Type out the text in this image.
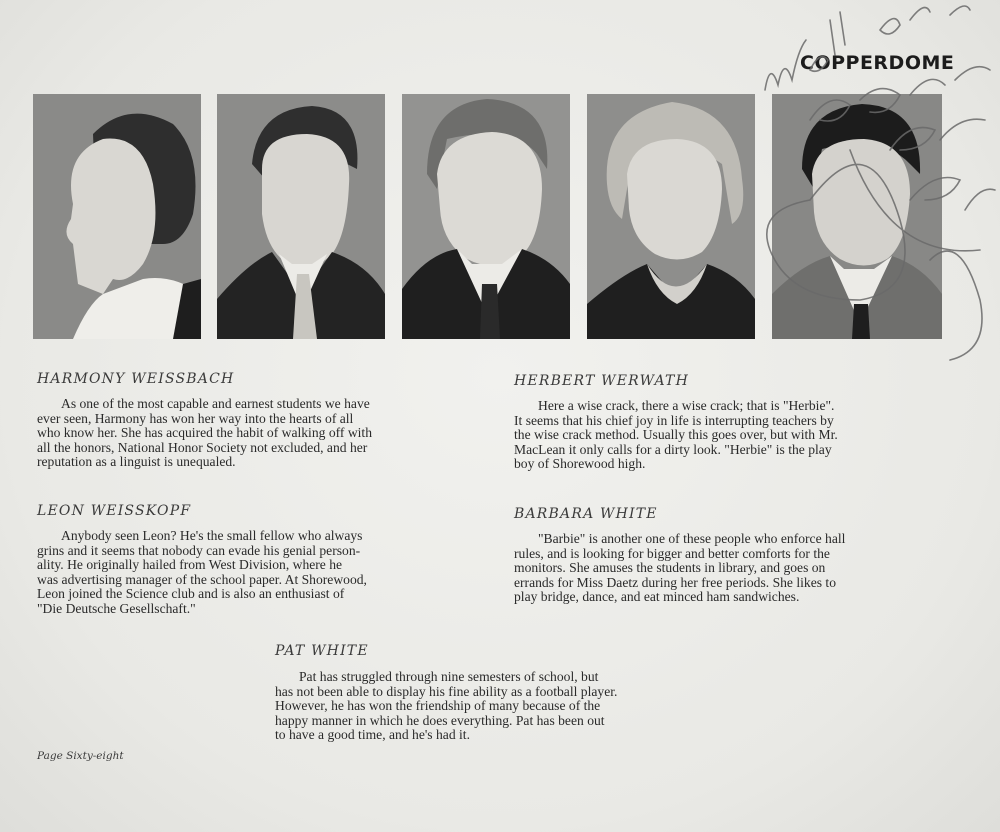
COPPERDOME
HARMONY WEISSBACH
As one of the most capable and earnest students we have
ever seen, Harmony has won her way into the hearts of all
who know her. She has acquired the habit of walking off with
all the honors, National Honor Society not excluded, and her
reputation as a linguist is unequaled.
HERBERT WERWATH
Here a wise crack, there a wise crack; that is "Herbie".
It seems that his chief joy in life is interrupting teachers by
the wise crack method. Usually this goes over, but with Mr.
MacLean it only calls for a dirty look. "Herbie" is the play
boy of Shorewood high.
LEON WEISSKOPF
Anybody seen Leon? He's the small fellow who always
grins and it seems that nobody can evade his genial person-
ality. He originally hailed from West Division, where he
was advertising manager of the school paper. At Shorewood,
Leon joined the Science club and is also an enthusiast of
"Die Deutsche Gesellschaft."
BARBARA WHITE
"Barbie" is another one of these people who enforce hall
rules, and is looking for bigger and better comforts for the
monitors. She amuses the students in library, and goes on
errands for Miss Daetz during her free periods. She likes to
play bridge, dance, and eat minced ham sandwiches.
PAT WHITE
Pat has struggled through nine semesters of school, but
has not been able to display his fine ability as a football player.
However, he has won the friendship of many because of the
happy manner in which he does everything. Pat has been out
to have a good time, and he's had it.
Page Sixty-eight
